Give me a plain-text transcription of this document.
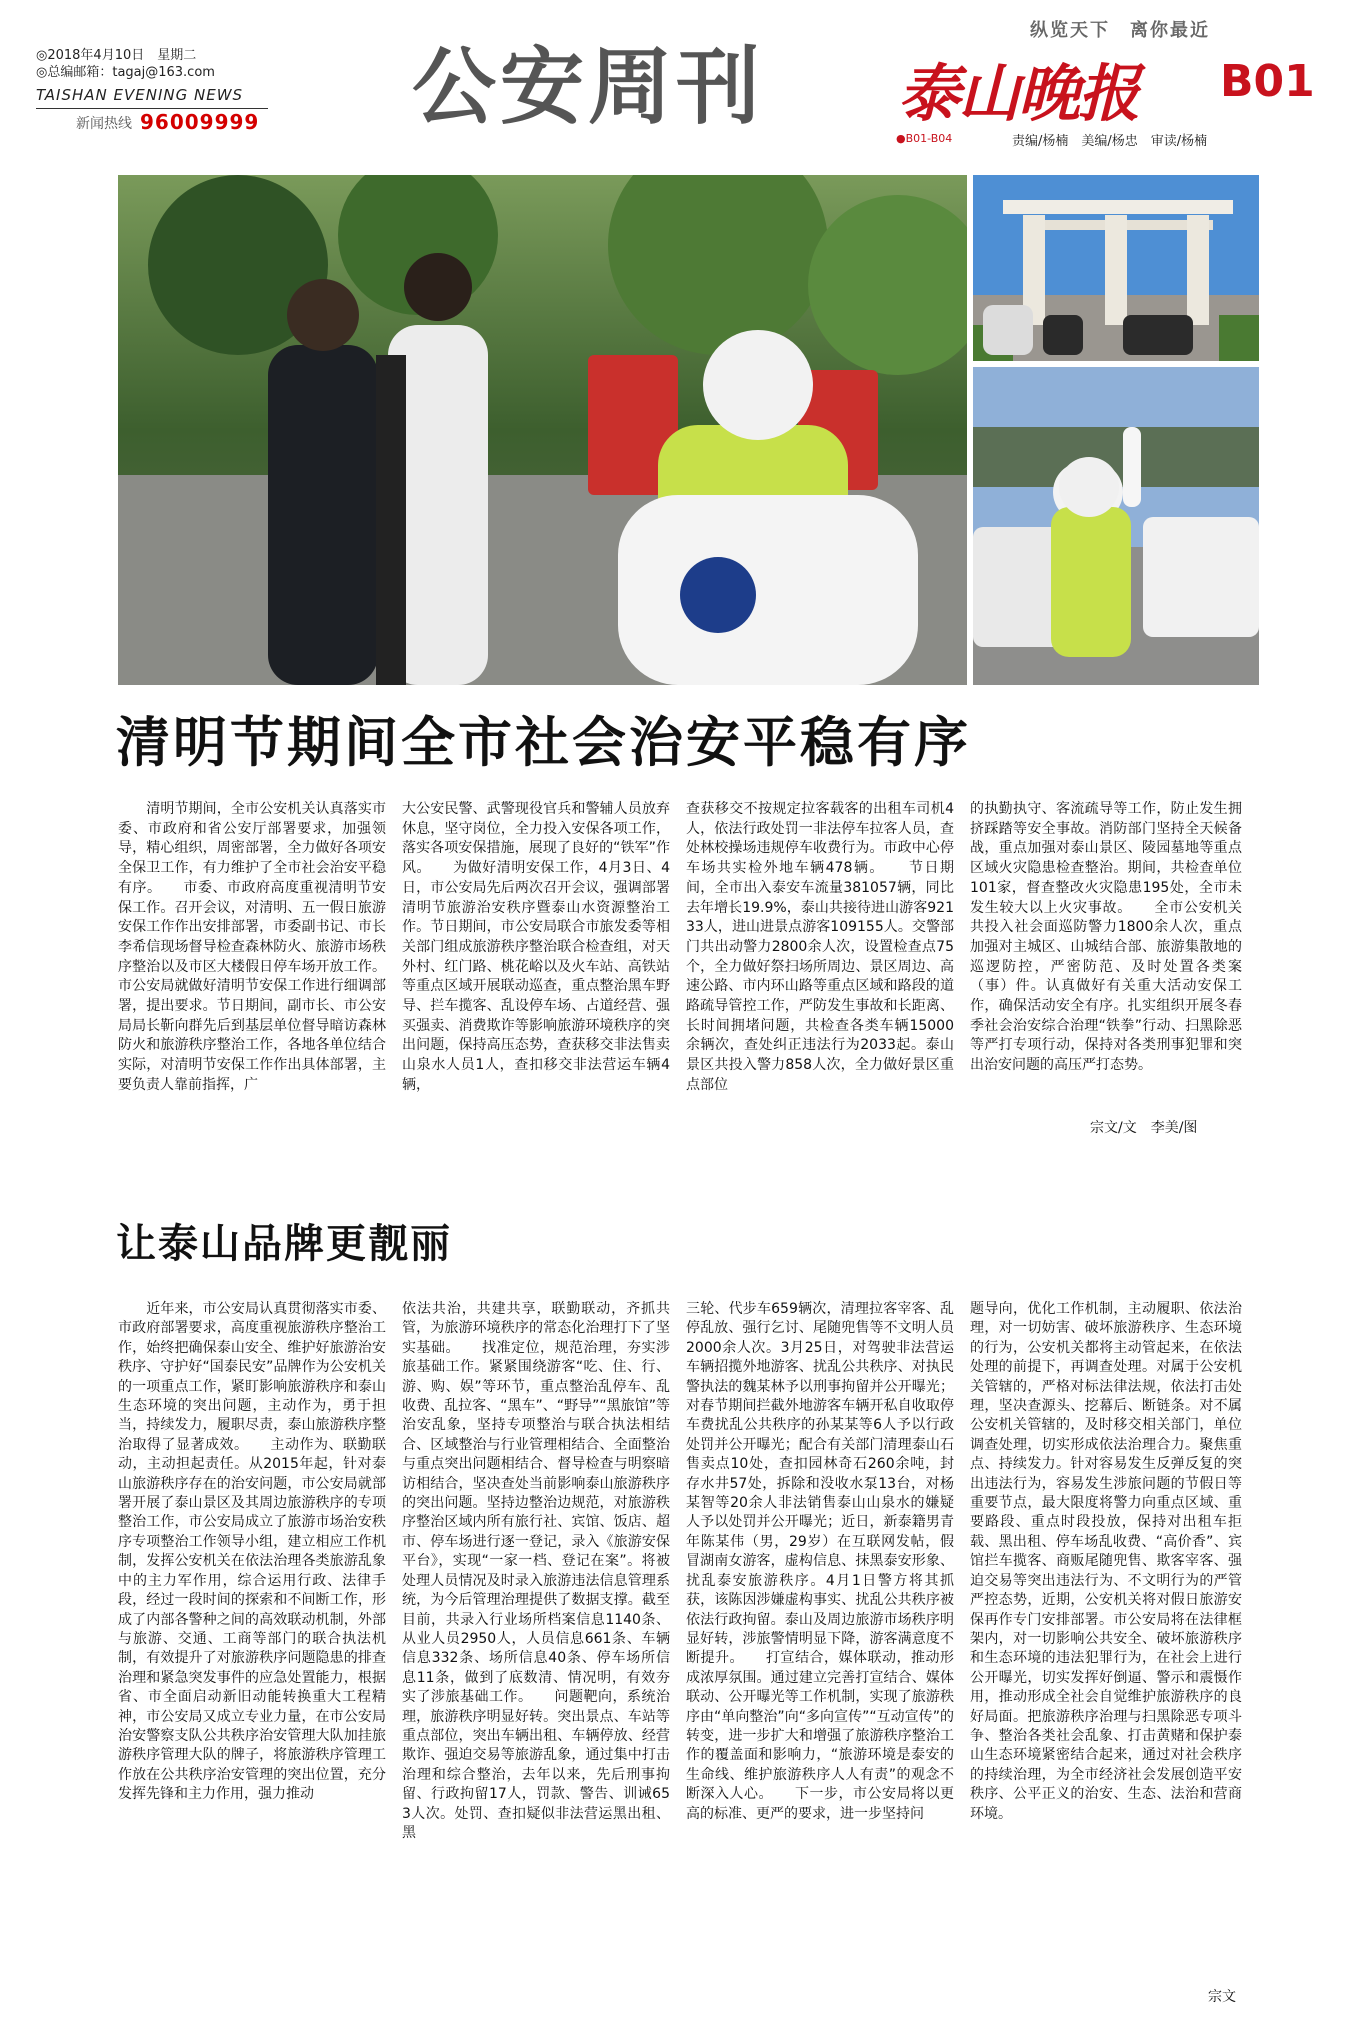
◎2018年4月10日　星期二
◎总编邮箱：tagaj@163.com
TAISHAN EVENING NEWS
新闻热线 96009999 公安周刊
纵览天下　离你最近
泰山晚报 B01
●B01-B04	责编/杨楠　美编/杨忠　审读/杨楠
清明节期间全市社会治安平稳有序
　　清明节期间，全市公安机关认真落实市委、市政府和省公安厅部署要求，加强领导，精心组织，周密部署，全力做好各项安全保卫工作，有力维护了全市社会治安平稳有序。　　市委、市政府高度重视清明节安保工作。召开会议，对清明、五一假日旅游安保工作作出安排部署，市委副书记、市长李希信现场督导检查森林防火、旅游市场秩序整治以及市区大楼假日停车场开放工作。市公安局就做好清明节安保工作进行细调部署，提出要求。节日期间，副市长、市公安局局长靳向群先后到基层单位督导暗访森林防火和旅游秩序整治工作，各地各单位结合实际，对清明节安保工作作出具体部署，主要负责人靠前指挥，广
大公安民警、武警现役官兵和警辅人员放弃休息，坚守岗位，全力投入安保各项工作，落实各项安保措施，展现了良好的“铁军”作风。　　为做好清明安保工作，4月3日、4日，市公安局先后两次召开会议，强调部署清明节旅游治安秩序暨泰山水资源整治工作。节日期间，市公安局联合市旅发委等相关部门组成旅游秩序整治联合检查组，对天外村、红门路、桃花峪以及火车站、高铁站等重点区域开展联动巡查，重点整治黑车野导、拦车揽客、乱设停车场、占道经营、强买强卖、消费欺诈等影响旅游环境秩序的突出问题，保持高压态势，查获移交非法售卖山泉水人员1人，查扣移交非法营运车辆4辆，
查获移交不按规定拉客载客的出租车司机4人，依法行政处罚一非法停车拉客人员，查处林校操场违规停车收费行为。市政中心停车场共实检外地车辆478辆。　　节日期间，全市出入泰安车流量381057辆，同比去年增长19.9%，泰山共接待进山游客92133人，进山进景点游客109155人。交警部门共出动警力2800余人次，设置检查点75个，全力做好祭扫场所周边、景区周边、高速公路、市内环山路等重点区域和路段的道路疏导管控工作，严防发生事故和长距离、长时间拥堵问题，共检查各类车辆15000余辆次，查处纠正违法行为2033起。泰山景区共投入警力858人次，全力做好景区重点部位
的执勤执守、客流疏导等工作，防止发生拥挤踩踏等安全事故。消防部门坚持全天候备战，重点加强对泰山景区、陵园墓地等重点区域火灾隐患检查整治。期间，共检查单位101家，督查整改火灾隐患195处，全市未发生较大以上火灾事故。　　全市公安机关共投入社会面巡防警力1800余人次，重点加强对主城区、山城结合部、旅游集散地的巡逻防控，严密防范、及时处置各类案（事）件。认真做好有关重大活动安保工作，确保活动安全有序。扎实组织开展冬春季社会治安综合治理“铁拳”行动、扫黑除恶等严打专项行动，保持对各类刑事犯罪和突出治安问题的高压严打态势。
宗文/文　李美/图
让泰山品牌更靓丽
　　近年来，市公安局认真贯彻落实市委、市政府部署要求，高度重视旅游秩序整治工作，始终把确保泰山安全、维护好旅游治安秩序、守护好“国泰民安”品牌作为公安机关的一项重点工作，紧盯影响旅游秩序和泰山生态环境的突出问题，主动作为，勇于担当，持续发力，履职尽责，泰山旅游秩序整治取得了显著成效。　　主动作为、联勤联动，主动担起责任。从2015年起，针对泰山旅游秩序存在的治安问题，市公安局就部署开展了泰山景区及其周边旅游秩序的专项整治工作，市公安局成立了旅游市场治安秩序专项整治工作领导小组，建立相应工作机制，发挥公安机关在依法治理各类旅游乱象中的主力军作用，综合运用行政、法律手段，经过一段时间的探索和不间断工作，形成了内部各警种之间的高效联动机制，外部与旅游、交通、工商等部门的联合执法机制，有效提升了对旅游秩序问题隐患的排查治理和紧急突发事件的应急处置能力，根据省、市全面启动新旧动能转换重大工程精神，市公安局又成立专业力量，在市公安局治安警察支队公共秩序治安管理大队加挂旅游秩序管理大队的牌子，将旅游秩序管理工作放在公共秩序治安管理的突出位置，充分发挥先锋和主力作用，强力推动
依法共治，共建共享，联勤联动，齐抓共管，为旅游环境秩序的常态化治理打下了坚实基础。　　找准定位，规范治理，夯实涉旅基础工作。紧紧围绕游客“吃、住、行、游、购、娱”等环节，重点整治乱停车、乱收费、乱拉客、“黑车”、“野导”“黑旅馆”等治安乱象，坚持专项整治与联合执法相结合、区域整治与行业管理相结合、全面整治与重点突出问题相结合、督导检查与明察暗访相结合，坚决查处当前影响泰山旅游秩序的突出问题。坚持边整治边规范，对旅游秩序整治区域内所有旅行社、宾馆、饭店、超市、停车场进行逐一登记，录入《旅游安保平台》，实现“一家一档、登记在案”。将被处理人员情况及时录入旅游违法信息管理系统，为今后管理治理提供了数据支撑。截至目前，共录入行业场所档案信息1140条、从业人员2950人，人员信息661条、车辆信息332条、场所信息40条、停车场所信息11条，做到了底数清、情况明，有效夯实了涉旅基础工作。　　问题靶向，系统治理，旅游秩序明显好转。突出景点、车站等重点部位，突出车辆出租、车辆停放、经营欺诈、强迫交易等旅游乱象，通过集中打击治理和综合整治，去年以来，先后刑事拘留、行政拘留17人，罚款、警告、训诫653人次。处罚、查扣疑似非法营运黑出租、黑
三轮、代步车659辆次，清理拉客宰客、乱停乱放、强行乞讨、尾随兜售等不文明人员2000余人次。3月25日，对驾驶非法营运车辆招揽外地游客、扰乱公共秩序、对执民警执法的魏某林予以刑事拘留并公开曝光；对春节期间拦截外地游客车辆开私自收取停车费扰乱公共秩序的孙某某等6人予以行政处罚并公开曝光；配合有关部门清理泰山石售卖点10处，查扣园林奇石260余吨，封存水井57处，拆除和没收水泵13台，对杨某智等20余人非法销售泰山山泉水的嫌疑人予以处罚并公开曝光；近日，新泰籍男青年陈某伟（男，29岁）在互联网发帖，假冒湖南女游客，虚构信息、抹黑泰安形象、扰乱泰安旅游秩序。4月1日警方将其抓获，该陈因涉嫌虚构事实、扰乱公共秩序被依法行政拘留。泰山及周边旅游市场秩序明显好转，涉旅警情明显下降，游客满意度不断提升。　　打宣结合，媒体联动，推动形成浓厚氛围。通过建立完善打宣结合、媒体联动、公开曝光等工作机制，实现了旅游秩序由“单向整治”向“多向宣传”“互动宣传”的转变，进一步扩大和增强了旅游秩序整治工作的覆盖面和影响力，“旅游环境是泰安的生命线、维护旅游秩序人人有责”的观念不断深入人心。　　下一步，市公安局将以更高的标准、更严的要求，进一步坚持问
题导向，优化工作机制，主动履职、依法治理，对一切妨害、破坏旅游秩序、生态环境的行为，公安机关都将主动管起来，在依法处理的前提下，再调查处理。对属于公安机关管辖的，严格对标法律法规，依法打击处理，坚决查源头、挖幕后、断链条。对不属公安机关管辖的，及时移交相关部门，单位调查处理，切实形成依法治理合力。聚焦重点、持续发力。针对容易发生反弹反复的突出违法行为，容易发生涉旅问题的节假日等重要节点，最大限度将警力向重点区域、重要路段、重点时段投放，保持对出租车拒载、黑出租、停车场乱收费、“高价香”、宾馆拦车揽客、商贩尾随兜售、欺客宰客、强迫交易等突出违法行为、不文明行为的严管严控态势，近期，公安机关将对假日旅游安保再作专门安排部署。市公安局将在法律框架内，对一切影响公共安全、破坏旅游秩序和生态环境的违法犯罪行为，在社会上进行公开曝光，切实发挥好倒逼、警示和震慑作用，推动形成全社会自觉维护旅游秩序的良好局面。把旅游秩序治理与扫黑除恶专项斗争、整治各类社会乱象、打击黄赌和保护泰山生态环境紧密结合起来，通过对社会秩序的持续治理，为全市经济社会发展创造平安秩序、公平正义的治安、生态、法治和营商环境。
宗文
